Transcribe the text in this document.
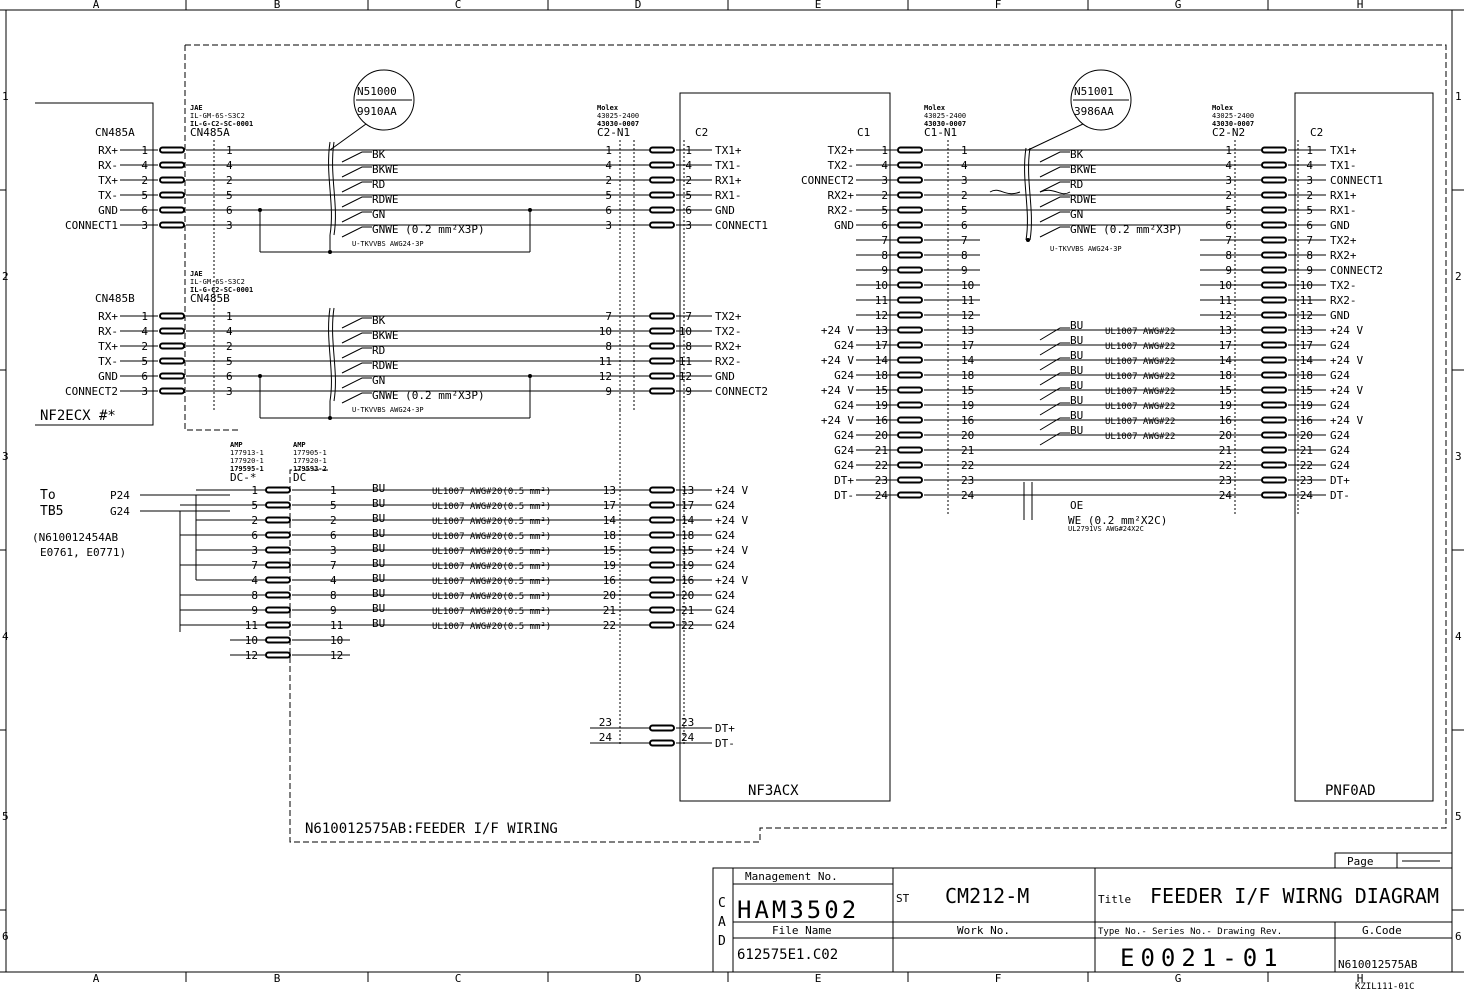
A
A
B
B
C
C
D
D
E
E
F
F
G
G
H
H
1	1
2	2
3	3
4	4
5	5
6	6
N610012575AB:FEEDER I/F WIRING
NF2ECX #*
NF3ACX	PNF0AD
JAE
IL-GM-6S-S3C2
IL-G-C2-SC-0001
CN485A
CN485A
JAE
IL-GM-6S-S3C2
IL-G-C2-SC-0001
CN485B
CN485B
N51000
9910AA
N51001
3986AA
Molex
43025-2400
43030-0007
C2-N1	C2	C1
Molex
43025-2400
43030-0007
C1-N1
Molex
43025-2400
43030-0007
C2-N2	C2
AMP
177913-1
177920-1
179595-1
DC-*
AMP
177905-1
177920-1
179593-2
DC
To
TB5
P24
G24
(N610012454AB
E0761, E0771)
RX+ 1	1	1	1 TX1+
BK
RX- 4	4	4	4 TX1-
BKWE
TX+ 2	2	2	2 RX1+
RD
TX- 5	5	5	5 RX1-
RDWE
GND 6	6	6	6 GND
GN
CONNECT1 3	3	3	3 CONNECT1
GNWE (0.2 mm²X3P)
U-TKVVBS AWG24-3P
RX+ 1	1	7	7 TX2+
BK
RX- 4	4	10	10 TX2-
BKWE
TX+ 2	2	8	8 RX2+
RD
TX- 5	5	11	11 RX2-
RDWE
GND 6	6	12	12 GND
GN
CONNECT2 3	3	9	9 CONNECT2
GNWE (0.2 mm²X3P)
U-TKVVBS AWG24-3P
1	1	BU	UL1007 AWG#20(0.5 mm²)	13	13 +24 V
5	5	BU	UL1007 AWG#20(0.5 mm²)	17	17 G24
2	2	BU	UL1007 AWG#20(0.5 mm²)	14	14 +24 V
6	6	BU	UL1007 AWG#20(0.5 mm²)	18	18 G24
3	3	BU	UL1007 AWG#20(0.5 mm²)	15	15 +24 V
7	7	BU	UL1007 AWG#20(0.5 mm²)	19	19 G24
4	4	BU	UL1007 AWG#20(0.5 mm²)	16	16 +24 V
8	8	BU	UL1007 AWG#20(0.5 mm²)	20	20 G24
9	9	BU	UL1007 AWG#20(0.5 mm²)	21	21 G24
11	11	BU	UL1007 AWG#20(0.5 mm²)	22	22 G24
10	10
12	12
23	23 DT+
24	24 DT-
TX2+ 1	1	1	1 TX1+
TX2- 4	4	4	4 TX1-
CONNECT2 3	3	3	3 CONNECT1
RX2+ 2	2	2	2 RX1+
RX2- 5	5	5	5 RX1-
GND 6	6	6	6 GND
7	7	7	7 TX2+
8	8	8	8 RX2+
9	9	9	9 CONNECT2
10	10	10	10 TX2-
11	11	11	11 RX2-
12	12	12	12 GND
+24 V 13	13	13	13 +24 V
G24 17	17	17	17 G24
+24 V 14	14	14	14 +24 V
G24 18	18	18	18 G24
+24 V 15	15	15	15 +24 V
G24 19	19	19	19 G24
+24 V 16	16	16	16 +24 V
G24 20	20	20	20 G24
G24 21	21	21	21 G24
G24 22	22	22	22 G24
DT+ 23	23	23	23 DT+
DT- 24	24	24	24 DT-
BK
BKWE
RD
RDWE
GN
GNWE (0.2 mm²X3P)
U-TKVVBS AWG24-3P
BU UL1007 AWG#22
BU UL1007 AWG#22
BU UL1007 AWG#22
BU UL1007 AWG#22
BU UL1007 AWG#22
BU UL1007 AWG#22
BU UL1007 AWG#22
BU UL1007 AWG#22
OE
WE (0.2 mm²X2C)
UL2791VS AWG#24X2C
Page
C
A
D
Management No.
HAM3502	ST CM212-M	Title FEEDER I/F WIRNG DIAGRAM
File Name	Work No.	Type No.- Series No.- Drawing Rev.	G.Code
612575E1.C02	E0021-01	N610012575AB
KZIL111-01C
